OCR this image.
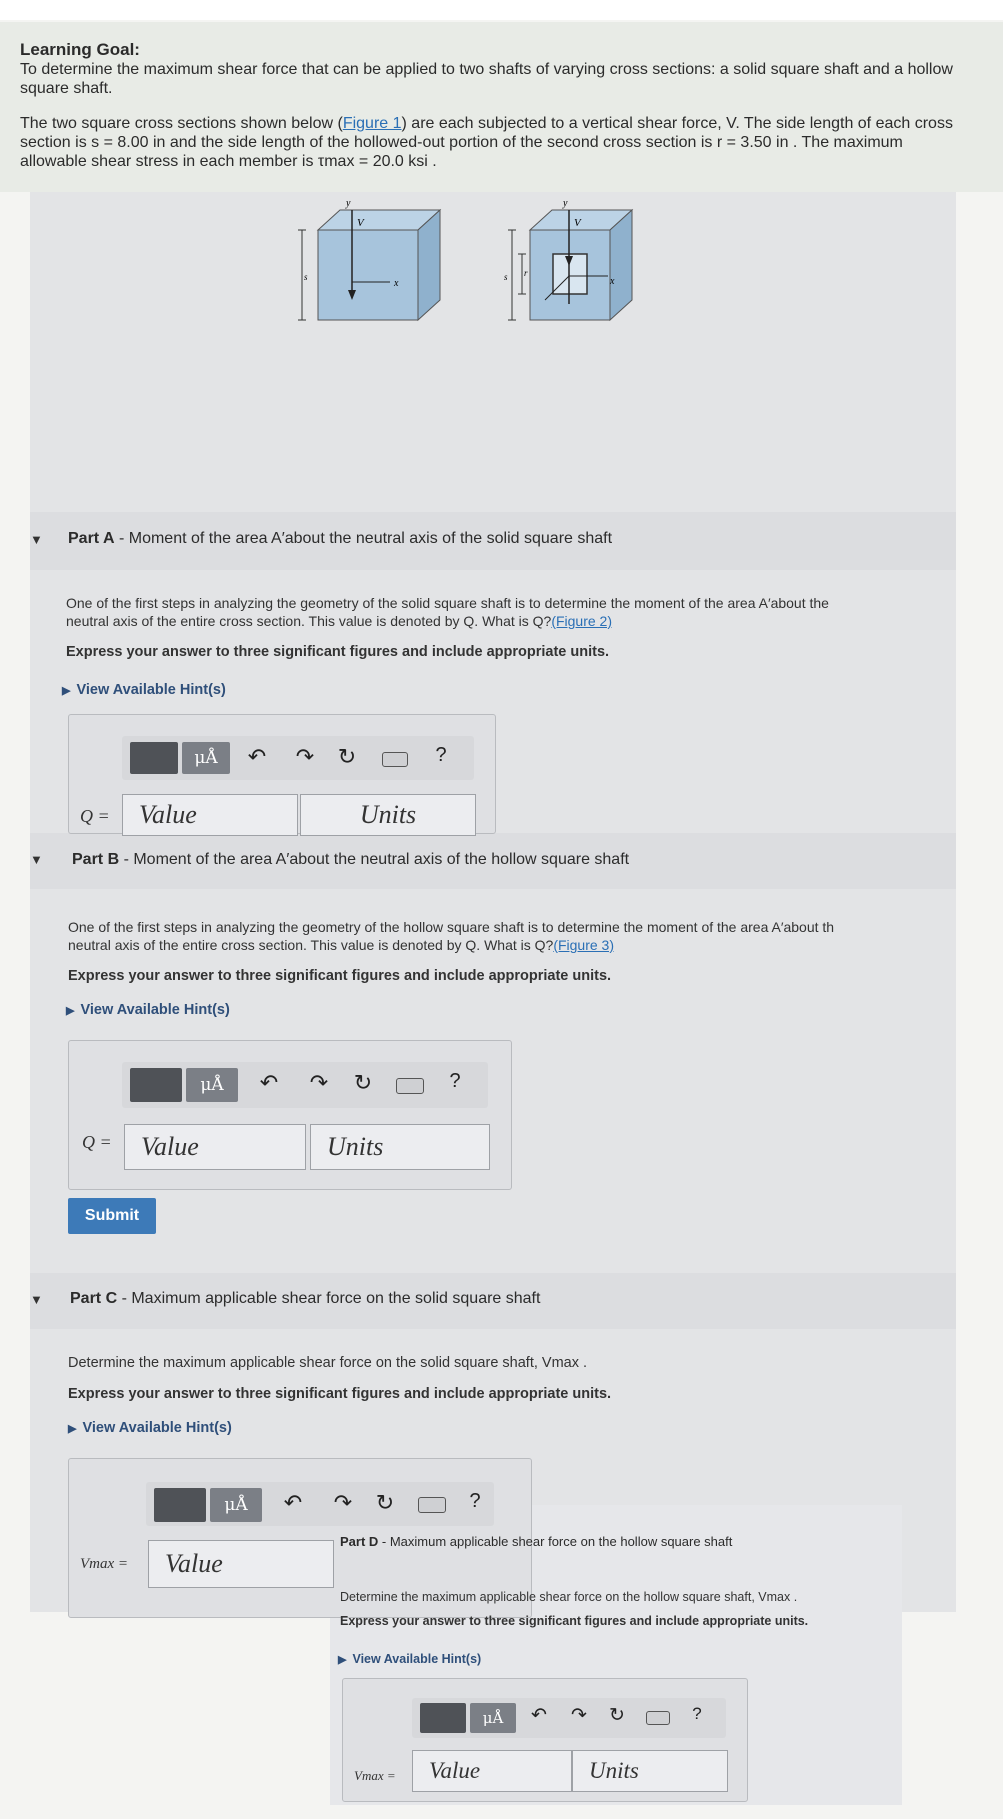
Learning Goal:
To determine the maximum shear force that can be applied to two shafts of varying cross sections: a solid square shaft and a hollow
square shaft.
The two square cross sections shown below (Figure 1) are each subjected to a vertical shear force, V. The side length of each cross
section is s = 8.00 in and the side length of the hollowed-out portion of the second cross section is r = 3.50 in . The maximum
allowable shear stress in each member is τmax = 20.0 ksi .
y
V
x
s
y
V
x
s r
▼ Part A - Moment of the area A′about the neutral axis of the solid square shaft
One of the first steps in analyzing the geometry of the solid square shaft is to determine the moment of the area A′about the
neutral axis of the entire cross section. This value is denoted by Q. What is Q?(Figure 2)
Express your answer to three significant figures and include appropriate units.
▶ View Available Hint(s)
μÅ	↶ ↷ ↻	?
Q =	Value	Units
▼ Part B - Moment of the area A′about the neutral axis of the hollow square shaft
One of the first steps in analyzing the geometry of the hollow square shaft is to determine the moment of the area A′about th
neutral axis of the entire cross section. This value is denoted by Q. What is Q?(Figure 3)
Express your answer to three significant figures and include appropriate units.
▶ View Available Hint(s)
μÅ	↶ ↷ ↻	?
Q =	Value	Units
Submit
▼ Part C - Maximum applicable shear force on the solid square shaft
Determine the maximum applicable shear force on the solid square shaft, Vmax .
Express your answer to three significant figures and include appropriate units.
▶ View Available Hint(s)
μÅ	↶ ↷ ↻	?
Vmax =	Value
Part D - Maximum applicable shear force on the hollow square shaft
Determine the maximum applicable shear force on the hollow square shaft, Vmax .
Express your answer to three significant figures and include appropriate units.
▶ View Available Hint(s)
μÅ	↶ ↷ ↻	?
Vmax =	Value	Units
